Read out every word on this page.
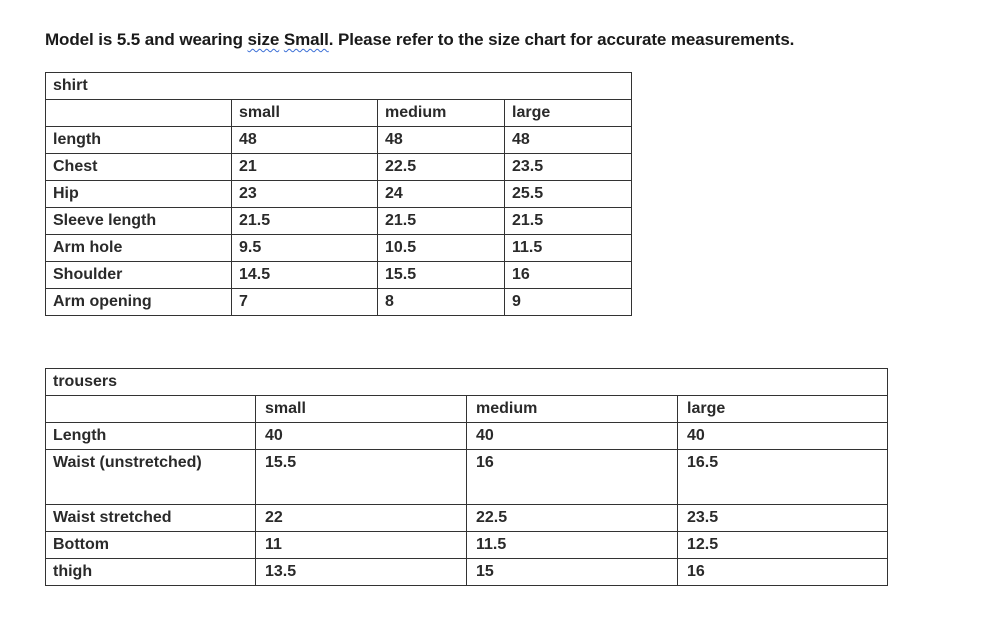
Model is 5.5 and wearing size Small. Please refer to the size chart for accurate measurements.
shirt			
	small	medium	large
length	48	48	48
Chest	21	22.5	23.5
Hip	23	24	25.5
Sleeve length	21.5	21.5	21.5
Arm hole	9.5	10.5	11.5
Shoulder	14.5	15.5	16
Arm opening	7	8	9
trousers			
	small	medium	large
Length	40	40	40
Waist (unstretched)	15.5	16	16.5
Waist stretched	22	22.5	23.5
Bottom	11	11.5	12.5
thigh	13.5	15	16
